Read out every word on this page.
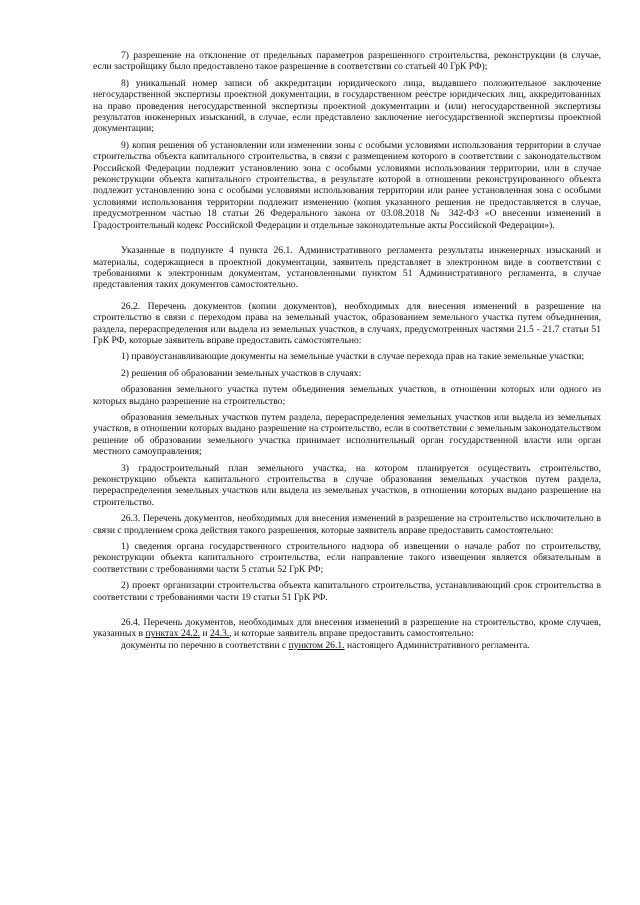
7) разрешение на отклонение от предельных параметров разрешенного строительства, реконструкции (в случае, если застройщику было предоставлено такое разрешение в соответствии со статьей 40 ГрК РФ);

8) уникальный номер записи об аккредитации юридического лица, выдавшего положительное заключение негосударственной экспертизы проектной документации, в государственном реестре юридических лиц, аккредитованных на право проведения негосударственной экспертизы проектной документации и (или) негосударственной экспертизы результатов инженерных изысканий, в случае, если представлено заключение негосударственной экспертизы проектной документации;

9) копия решения об установлении или изменении зоны с особыми условиями использования территории в случае строительства объекта капитального строительства, в связи с размещением которого в соответствии с законодательством Российской Федерации подлежит установлению зона с особыми условиями использования территории, или в случае реконструкции объекта капитального строительства, в результате которой в отношении реконструированного объекта подлежит установлению зона с особыми условиями использования территории или ранее установленная зона с особыми условиями использования территории подлежит изменению (копия указанного решения не предоставляется в случае, предусмотренном частью 18 статьи 26 Федерального закона от 03.08.2018 № 342-ФЗ «О внесении изменений в Градостроительный кодекс Российской Федерации и отдельные законодательные акты Российской Федерации»).

Указанные в подпункте 4 пункта 26.1. Административного регламента результаты инженерных изысканий и материалы, содержащиеся в проектной документации, заявитель представляет в электронном виде в соответствии с требованиями к электронным документам, установленными пунктом 51 Административного регламента, в случае представления таких документов самостоятельно.

26.2. Перечень документов (копии документов), необходимых для внесения изменений в разрешение на строительство в связи с переходом права на земельный участок, образованием земельного участка путем объединения, раздела, перераспределения или выдела из земельных участков, в случаях, предусмотренных частями 21.5 - 21.7 статьи 51 ГрК РФ, которые заявитель вправе предоставить самостоятельно:

1) правоустанавливающие документы на земельные участки в случае перехода прав на такие земельные участки;

2) решения об образовании земельных участков в случаях:

образования земельного участка путем объединения земельных участков, в отношении которых или одного из которых выдано разрешение на строительство;

образования земельных участков путем раздела, перераспределения земельных участков или выдела из земельных участков, в отношении которых выдано разрешение на строительство, если в соответствии с земельным законодательством решение об образовании земельного участка принимает исполнительный орган государственной власти или орган местного самоуправления;

3) градостроительный план земельного участка, на котором планируется осуществить строительство, реконструкцию объекта капитального строительства в случае образования земельных участков путем раздела, перераспределения земельных участков или выдела из земельных участков, в отношении которых выдано разрешение на строительство.

26.3. Перечень документов, необходимых для внесения изменений в разрешение на строительство исключительно в связи с продлением срока действия такого разрешения, которые заявитель вправе предоставить самостоятельно:

1) сведения органа государственного строительного надзора об извещении о начале работ по строительству, реконструкции объекта капитального строительства, если направление такого извещения является обязательным в соответствии с требованиями части 5 статьи 52 ГрК РФ;

2) проект организации строительства объекта капитального строительства, устанавливающий срок строительства в соответствии с требованиями части 19 статьи 51 ГрК РФ.

26.4. Перечень документов, необходимых для внесения изменений в разрешение на строительство, кроме случаев, указанных в пунктах 24.2. и 24.3., и которые заявитель вправе предоставить самостоятельно:

документы по перечню в соответствии с пунктом 26.1. настоящего Административного регламента.
